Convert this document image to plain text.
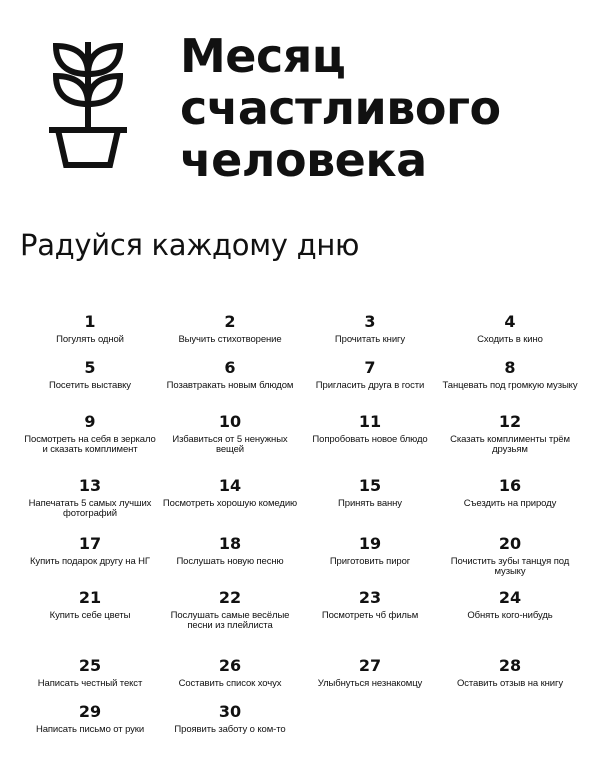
Месяц
счастливого
человека
Радуйся каждому дню
1
Погулять одной
2
Выучить стихотворение
3
Прочитать книгу
4
Сходить в кино
5
Посетить выставку
6
Позавтракать новым блюдом
7
Пригласить друга в гости
8
Танцевать под громкую музыку
9
Посмотреть на себя в зеркало и сказать комплимент
10
Избавиться от 5 ненужных вещей
11
Попробовать новое блюдо
12
Сказать комплименты трём друзьям
13
Напечатать 5 самых лучших фотографий
14
Посмотреть хорошую комедию
15
Принять ванну
16
Съездить на природу
17
Купить подарок другу на НГ
18
Послушать новую песню
19
Приготовить пирог
20
Почистить зубы танцуя под музыку
21
Купить себе цветы
22
Послушать самые весёлые песни из плейлиста
23
Посмотреть чб фильм
24
Обнять кого-нибудь
25
Написать честный текст
26
Составить список хочух
27
Улыбнуться незнакомцу
28
Оставить отзыв на книгу
29
Написать письмо от руки
30
Проявить заботу о ком-то
